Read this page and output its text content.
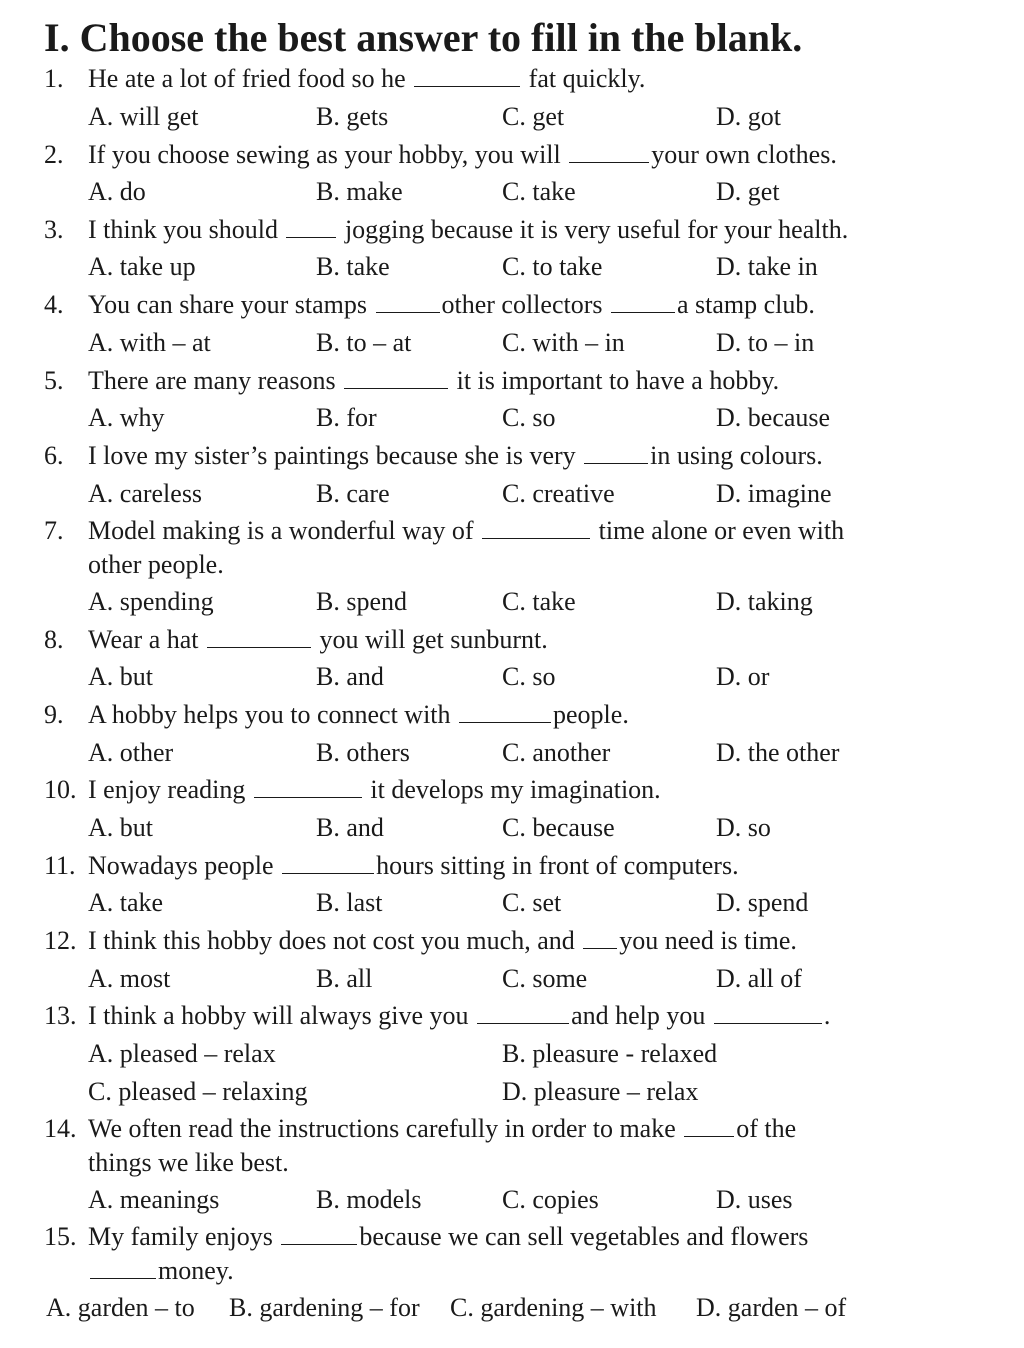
I. Choose the best answer to fill in the blank.
1. He ate a lot of fried food so he	fat quickly.
A. will get	B. gets	C. get	D. got
2. If you choose sewing as your hobby, you will	your own clothes.
A. do	B. make	C. take	D. get
3. I think you should  jogging because it is very useful for your health.
A. take up	B. take	C. to take	D. take in
4. You can share your stamps	other collectors	a stamp club.
A. with – at	B. to – at	C. with – in	D. to – in
5. There are many reasons	it is important to have a hobby.
A. why	B. for	C. so	D. because
6. I love my sister’s paintings because she is very	in using colours.
A. careless	B. care	C. creative	D. imagine
7. Model making is a wonderful way of	time alone or even with
other people.
A. spending	B. spend	C. take	D. taking
8. Wear a hat	you will get sunburnt.
A. but	B. and	C. so	D. or
9. A hobby helps you to connect with	people.
A. other	B. others	C. another	D. the other
10. I enjoy reading	it develops my imagination.
A. but	B. and	C. because	D. so
11. Nowadays people	hours sitting in front of computers.
A. take	B. last	C. set	D. spend
12. I think this hobby does not cost you much, and you need is time.
A. most	B. all	C. some	D. all of
13. I think a hobby will always give you	and help you	.
A. pleased – relax	B. pleasure - relaxed
C. pleased – relaxing	D. pleasure – relax
14. We often read the instructions carefully in order to make of the
things we like best.
A. meanings	B. models	C. copies	D. uses
15. My family enjoys	because we can sell vegetables and flowers
money.
A. garden – to B. gardening – for C. gardening – with D. garden – of
